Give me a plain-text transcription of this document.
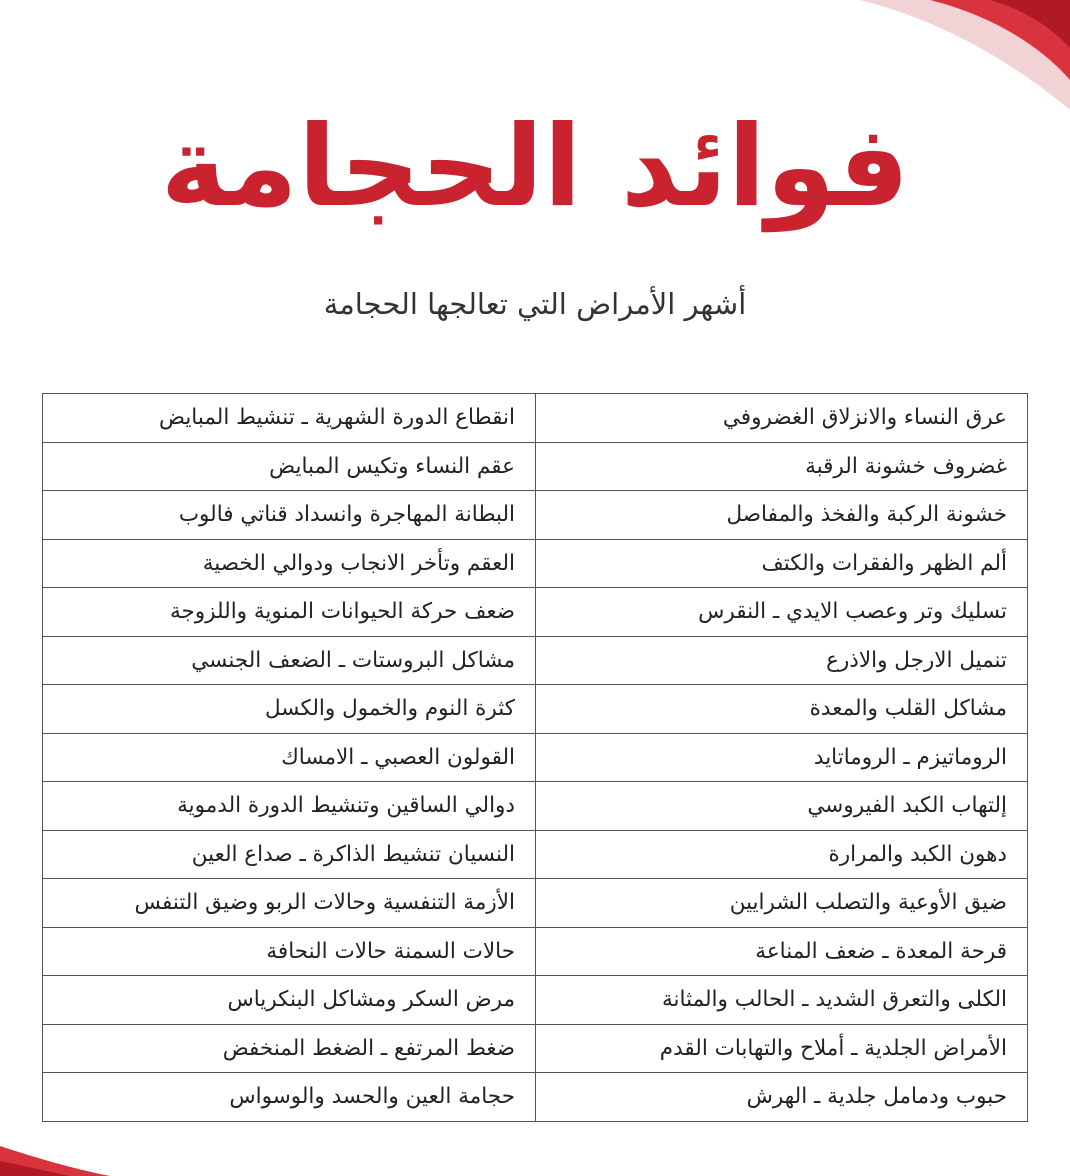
فوائد الحجامة
أشهر الأمراض التي تعالجها الحجامة
عرق النساء والانزلاق الغضروفي	انقطاع الدورة الشهرية ـ تنشيط المبايض
غضروف خشونة الرقبة	عقم النساء وتكيس المبايض
خشونة الركبة والفخذ والمفاصل	البطانة المهاجرة وانسداد قناتي فالوب
ألم الظهر والفقرات والكتف	العقم وتأخر الانجاب ودوالي الخصية
تسليك وتر وعصب الايدي ـ النقرس	ضعف حركة الحيوانات المنوية واللزوجة
تنميل الارجل والاذرع	مشاكل البروستات ـ الضعف الجنسي
مشاكل القلب والمعدة	كثرة النوم والخمول والكسل
الروماتيزم ـ الروماتايد	القولون العصبي ـ الامساك
إلتهاب الكبد الفيروسي	دوالي الساقين وتنشيط الدورة الدموية
دهون الكبد والمرارة	النسيان تنشيط الذاكرة ـ صداع العين
ضيق الأوعية والتصلب الشرايين	الأزمة التنفسية وحالات الربو وضيق التنفس
قرحة المعدة ـ ضعف المناعة	حالات السمنة حالات النحافة
الكلى والتعرق الشديد ـ الحالب والمثانة	مرض السكر ومشاكل البنكرياس
الأمراض الجلدية ـ أملاح والتهابات القدم	ضغط المرتفع ـ الضغط المنخفض
حبوب ودمامل جلدية ـ الهرش	حجامة العين والحسد والوسواس
